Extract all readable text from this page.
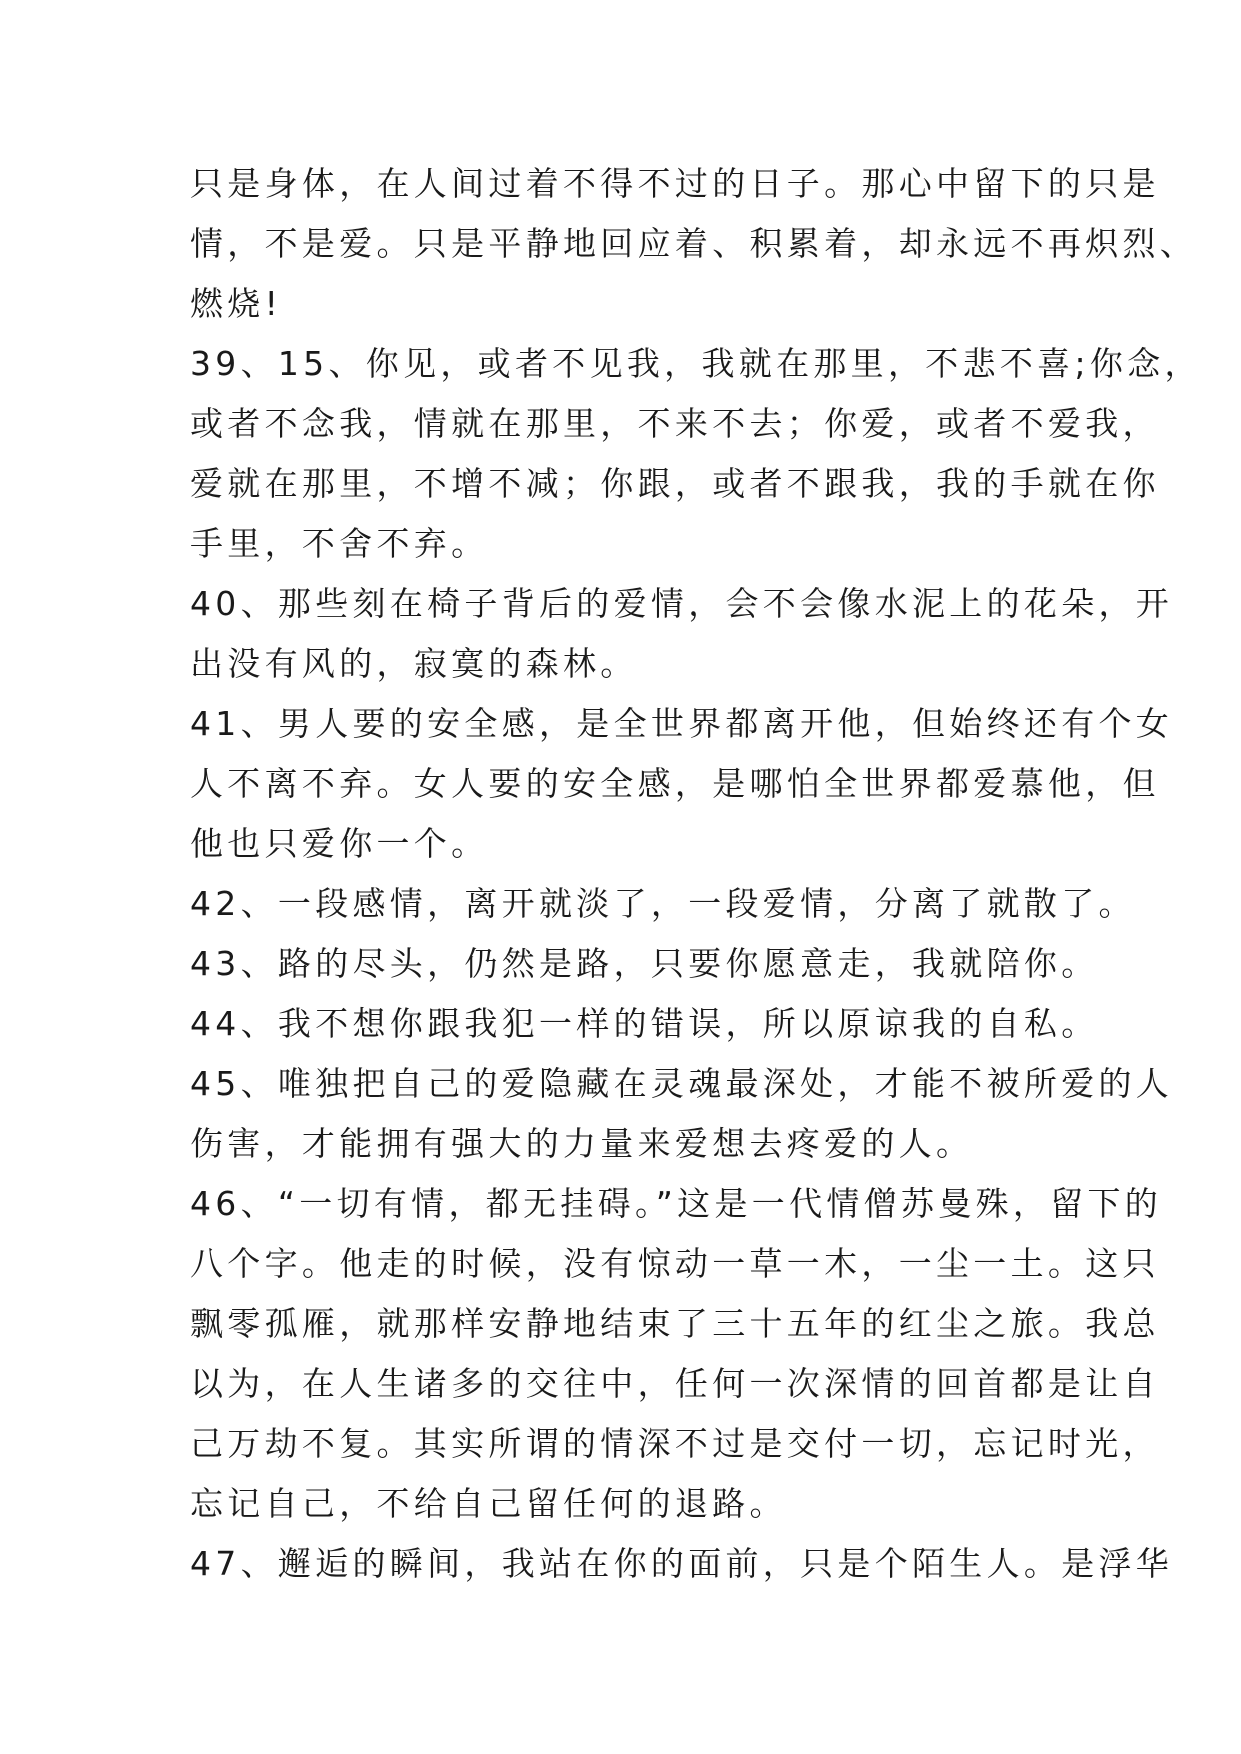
只是身体，在人间过着不得不过的日子。那心中留下的只是
情，不是爱。只是平静地回应着、积累着，却永远不再炽烈、
燃烧!
39、15、你见，或者不见我，我就在那里，不悲不喜;你念，
或者不念我，情就在那里，不来不去；你爱，或者不爱我，
爱就在那里，不增不减；你跟，或者不跟我，我的手就在你
手里，不舍不弃。
40、那些刻在椅子背后的爱情，会不会像水泥上的花朵，开
出没有风的，寂寞的森林。
41、男人要的安全感，是全世界都离开他，但始终还有个女
人不离不弃。女人要的安全感，是哪怕全世界都爱慕他，但
他也只爱你一个。
42、一段感情，离开就淡了，一段爱情，分离了就散了。
43、路的尽头，仍然是路，只要你愿意走，我就陪你。
44、我不想你跟我犯一样的错误，所以原谅我的自私。
45、唯独把自己的爱隐藏在灵魂最深处，才能不被所爱的人
伤害，才能拥有强大的力量来爱想去疼爱的人。
46、“一切有情，都无挂碍。”这是一代情僧苏曼殊，留下的
八个字。他走的时候，没有惊动一草一木，一尘一土。这只
飘零孤雁，就那样安静地结束了三十五年的红尘之旅。我总
以为，在人生诸多的交往中，任何一次深情的回首都是让自
己万劫不复。其实所谓的情深不过是交付一切，忘记时光，
忘记自己，不给自己留任何的退路。
47、邂逅的瞬间，我站在你的面前，只是个陌生人。是浮华
